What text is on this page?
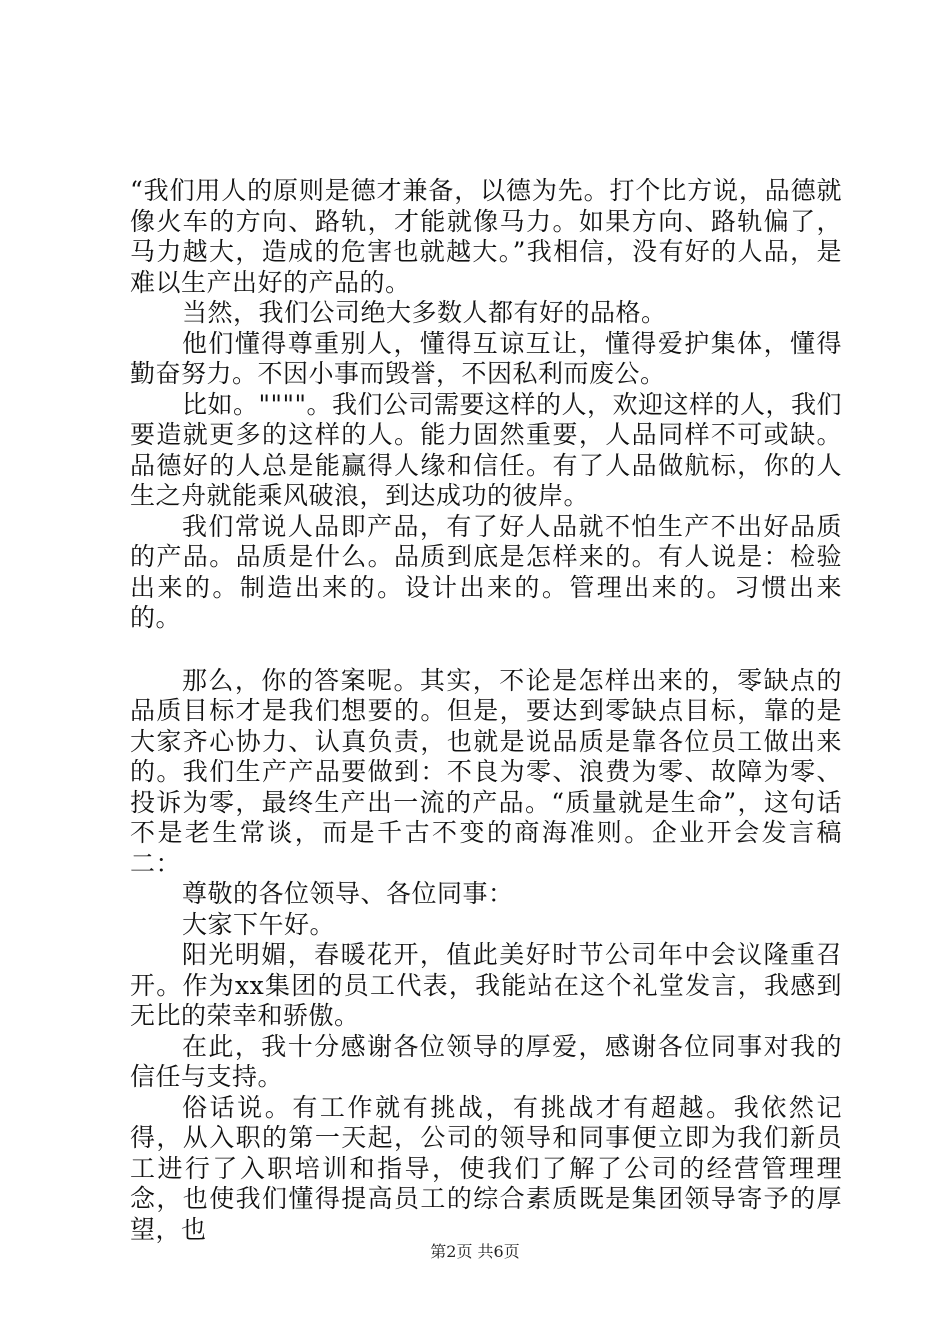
“我们用人的原则是德才兼备，以德为先。打个比方说，品德就像火车的方向、路轨，才能就像马力。如果方向、路轨偏了，马力越大，造成的危害也就越大。”我相信，没有好的人品，是难以生产出好的产品的。

当然，我们公司绝大多数人都有好的品格。

他们懂得尊重别人，懂得互谅互让，懂得爱护集体，懂得勤奋努力。不因小事而毁誉，不因私利而废公。

比如。""""。我们公司需要这样的人，欢迎这样的人，我们要造就更多的这样的人。能力固然重要，人品同样不可或缺。品德好的人总是能赢得人缘和信任。有了人品做航标，你的人生之舟就能乘风破浪，到达成功的彼岸。

我们常说人品即产品，有了好人品就不怕生产不出好品质的产品。品质是什么。品质到底是怎样来的。有人说是：检验出来的。制造出来的。设计出来的。管理出来的。习惯出来的。

那么，你的答案呢。其实，不论是怎样出来的，零缺点的品质目标才是我们想要的。但是，要达到零缺点目标，靠的是大家齐心协力、认真负责，也就是说品质是靠各位员工做出来的。我们生产产品要做到：不良为零、浪费为零、故障为零、投诉为零，最终生产出一流的产品。“质量就是生命”，这句话不是老生常谈，而是千古不变的商海准则。企业开会发言稿二：

尊敬的各位领导、各位同事：

大家下午好。

阳光明媚，春暖花开，值此美好时节公司年中会议隆重召开。作为xx集团的员工代表，我能站在这个礼堂发言，我感到无比的荣幸和骄傲。

在此，我十分感谢各位领导的厚爱，感谢各位同事对我的信任与支持。

俗话说。有工作就有挑战，有挑战才有超越。我依然记得，从入职的第一天起，公司的领导和同事便立即为我们新员工进行了入职培训和指导，使我们了解了公司的经营管理理念，也使我们懂得提高员工的综合素质既是集团领导寄予的厚望，也

第2页 共6页
